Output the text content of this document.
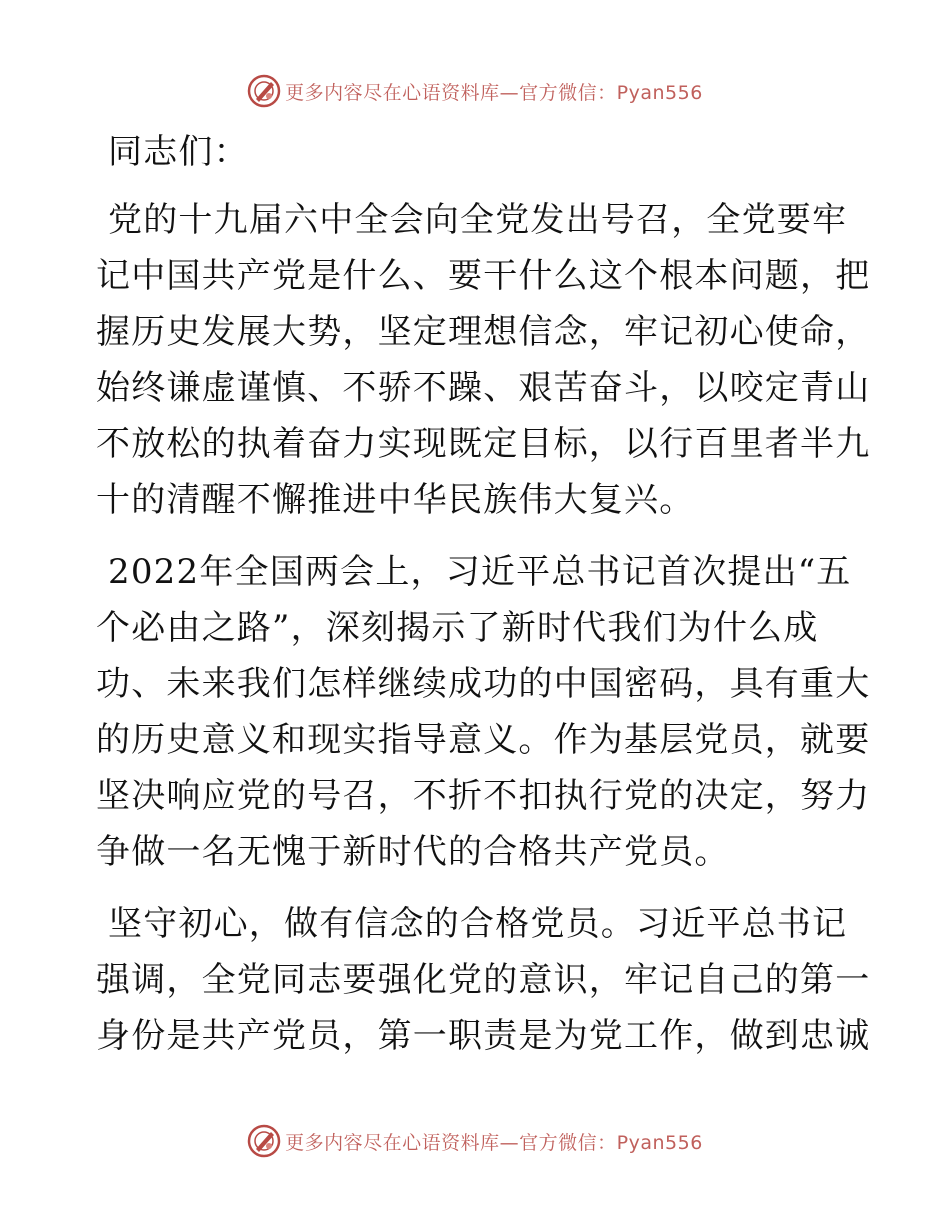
更多内容尽在心语资料库—官方微信：Pyan556
同志们：
党的十九届六中全会向全党发出号召，全党要牢
记中国共产党是什么、要干什么这个根本问题，把
握历史发展大势，坚定理想信念，牢记初心使命，
始终谦虚谨慎、不骄不躁、艰苦奋斗，以咬定青山
不放松的执着奋力实现既定目标，以行百里者半九
十的清醒不懈推进中华民族伟大复兴。
2022年全国两会上，习近平总书记首次提出“五
个必由之路”，深刻揭示了新时代我们为什么成
功、未来我们怎样继续成功的中国密码，具有重大
的历史意义和现实指导意义。作为基层党员，就要
坚决响应党的号召，不折不扣执行党的决定，努力
争做一名无愧于新时代的合格共产党员。
坚守初心，做有信念的合格党员。习近平总书记
强调，全党同志要强化党的意识，牢记自己的第一
身份是共产党员，第一职责是为党工作，做到忠诚
更多内容尽在心语资料库—官方微信：Pyan556
